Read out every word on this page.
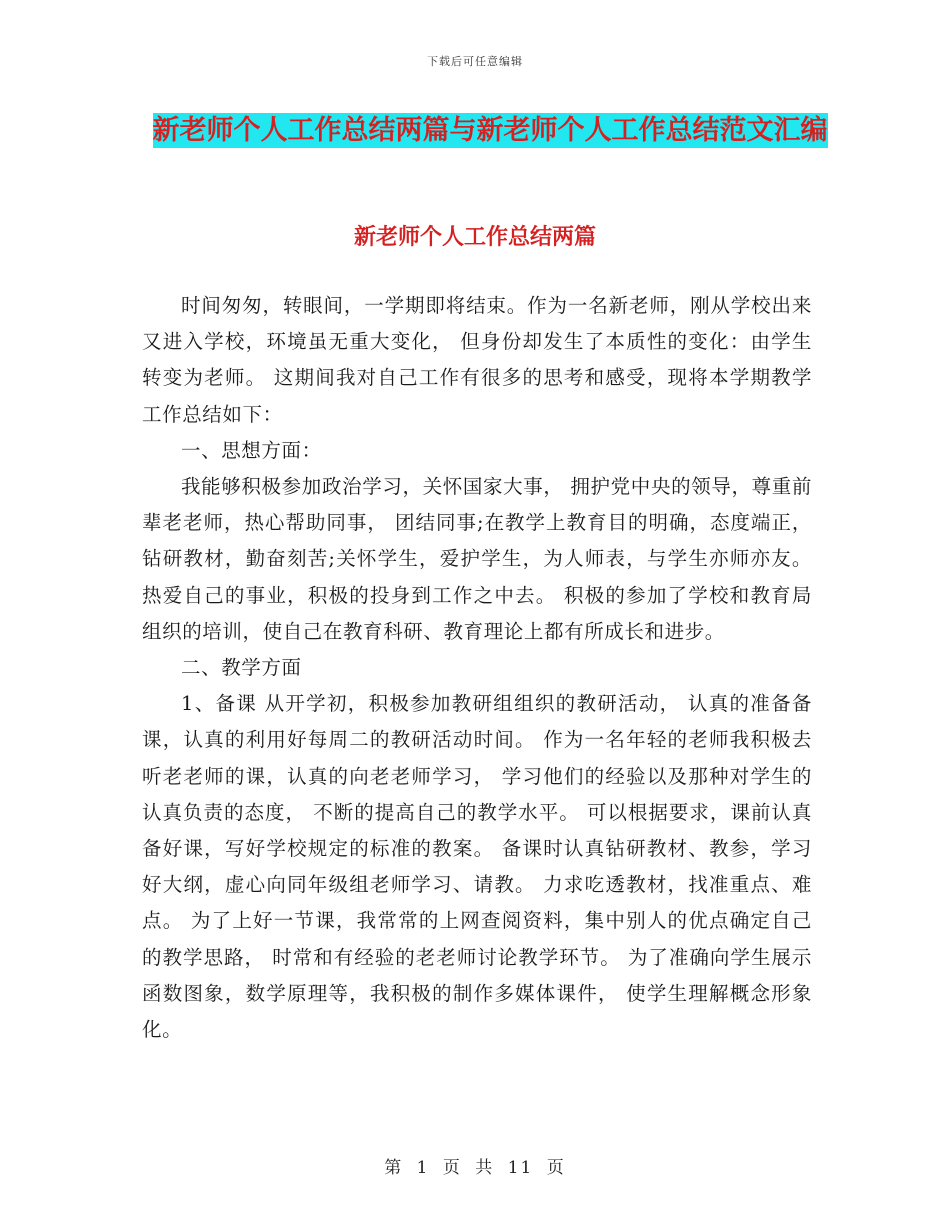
下载后可任意编辑
新老师个人工作总结两篇与新老师个人工作总结范文汇编
新老师个人工作总结两篇

时间匆匆，转眼间，一学期即将结束。作为一名新老师，刚从学校出来又进入学校，环境虽无重大变化， 但身份却发生了本质性的变化：由学生转变为老师。 这期间我对自己工作有很多的思考和感受，现将本学期教学工作总结如下：

一、思想方面：

我能够积极参加政治学习，关怀国家大事， 拥护党中央的领导，尊重前辈老老师，热心帮助同事， 团结同事;在教学上教育目的明确，态度端正， 钻研教材，勤奋刻苦;关怀学生，爱护学生，为人师表，与学生亦师亦友。 热爱自己的事业，积极的投身到工作之中去。 积极的参加了学校和教育局组织的培训，使自己在教育科研、教育理论上都有所成长和进步。

二、教学方面

1、备课 从开学初，积极参加教研组组织的教研活动， 认真的准备备课，认真的利用好每周二的教研活动时间。 作为一名年轻的老师我积极去听老老师的课，认真的向老老师学习， 学习他们的经验以及那种对学生的认真负责的态度， 不断的提高自己的教学水平。 可以根据要求，课前认真备好课，写好学校规定的标准的教案。 备课时认真钻研教材、教参，学习好大纲，虚心向同年级组老师学习、请教。 力求吃透教材，找准重点、难点。 为了上好一节课，我常常的上网查阅资料，集中别人的优点确定自己的教学思路， 时常和有经验的老老师讨论教学环节。 为了准确向学生展示函数图象，数学原理等，我积极的制作多媒体课件， 使学生理解概念形象化。

第 1 页 共 11 页
